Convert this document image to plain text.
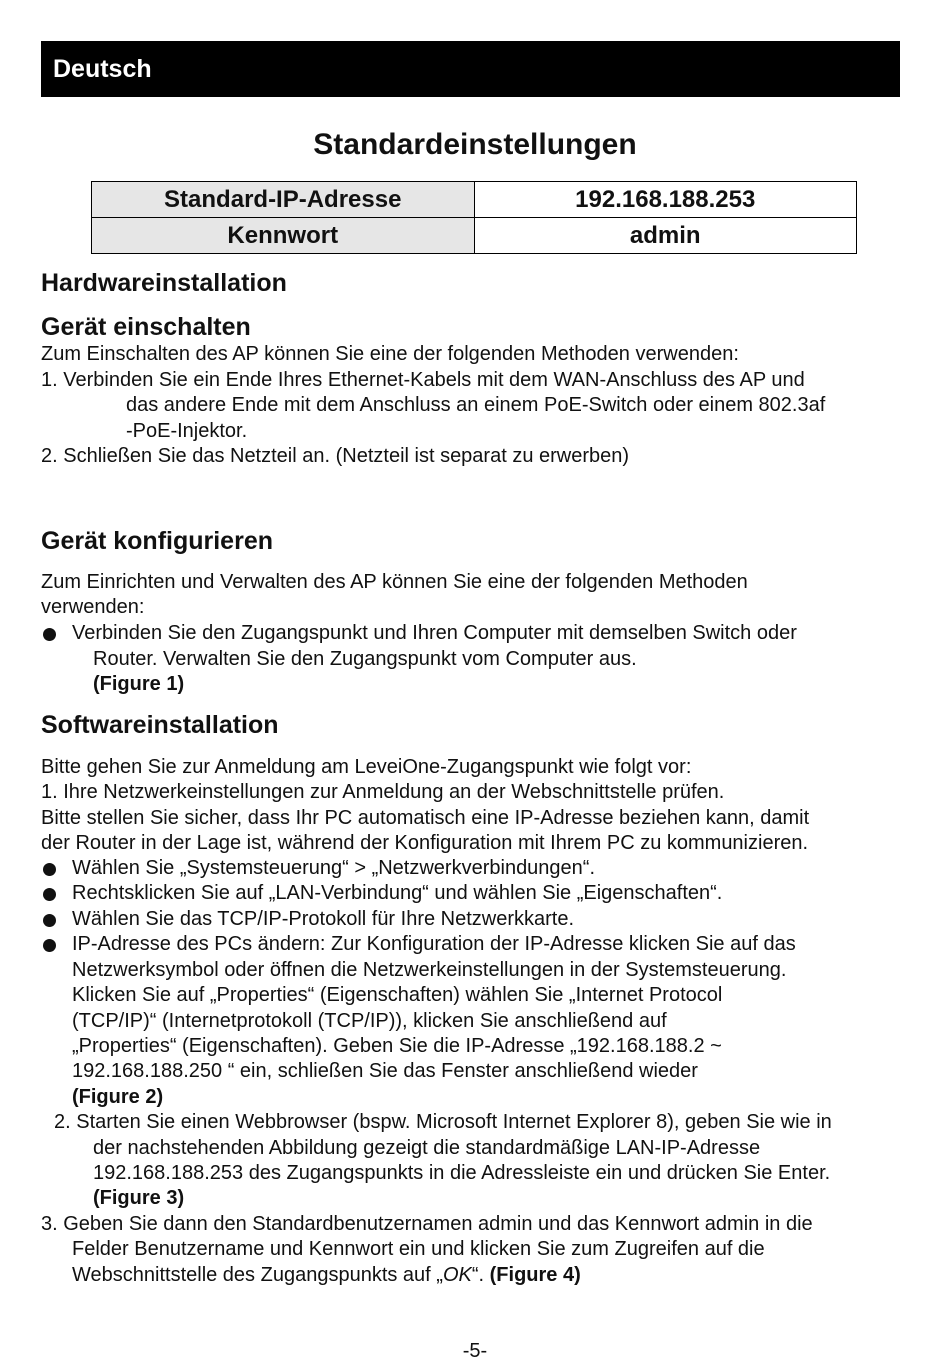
Deutsch
Standardeinstellungen
Standard-IP-Adresse	192.168.188.253
Kennwort	admin
Hardwareinstallation
Gerät einschalten
Zum Einschalten des AP können Sie eine der folgenden Methoden verwenden:
1. Verbinden Sie ein Ende Ihres Ethernet-Kabels mit dem WAN-Anschluss des AP und
das andere Ende mit dem Anschluss an einem PoE-Switch oder einem 802.3af
-PoE-Injektor.
2. Schließen Sie das Netzteil an. (Netzteil ist separat zu erwerben)
Gerät konfigurieren
Zum Einrichten und Verwalten des AP können Sie eine der folgenden Methoden
verwenden:
Verbinden Sie den Zugangspunkt und Ihren Computer mit demselben Switch oder
Router. Verwalten Sie den Zugangspunkt vom Computer aus.
(Figure 1)
Softwareinstallation
Bitte gehen Sie zur Anmeldung am LeveiOne-Zugangspunkt wie folgt vor:
1. Ihre Netzwerkeinstellungen zur Anmeldung an der Webschnittstelle prüfen.
Bitte stellen Sie sicher, dass Ihr PC automatisch eine IP-Adresse beziehen kann, damit
der Router in der Lage ist, während der Konfiguration mit Ihrem PC zu kommunizieren.
Wählen Sie „Systemsteuerung“ > „Netzwerkverbindungen“.
Rechtsklicken Sie auf „LAN-Verbindung“ und wählen Sie „Eigenschaften“.
Wählen Sie das TCP/IP-Protokoll für Ihre Netzwerkkarte.
IP-Adresse des PCs ändern: Zur Konfiguration der IP-Adresse klicken Sie auf das
Netzwerksymbol oder öffnen die Netzwerkeinstellungen in der Systemsteuerung.
Klicken Sie auf „Properties“ (Eigenschaften) wählen Sie „Internet Protocol
(TCP/IP)“ (Internetprotokoll (TCP/IP)), klicken Sie anschließend auf
„Properties“ (Eigenschaften). Geben Sie die IP-Adresse „192.168.188.2 ~
192.168.188.250 “ ein, schließen Sie das Fenster anschließend wieder
(Figure 2)
2. Starten Sie einen Webbrowser (bspw. Microsoft Internet Explorer 8), geben Sie wie in
der nachstehenden Abbildung gezeigt die standardmäßige LAN-IP-Adresse
192.168.188.253 des Zugangspunkts in die Adressleiste ein und drücken Sie Enter.
(Figure 3)
3. Geben Sie dann den Standardbenutzernamen admin und das Kennwort admin in die
Felder Benutzername und Kennwort ein und klicken Sie zum Zugreifen auf die
Webschnittstelle des Zugangspunkts auf „OK“. (Figure 4)
-5-
